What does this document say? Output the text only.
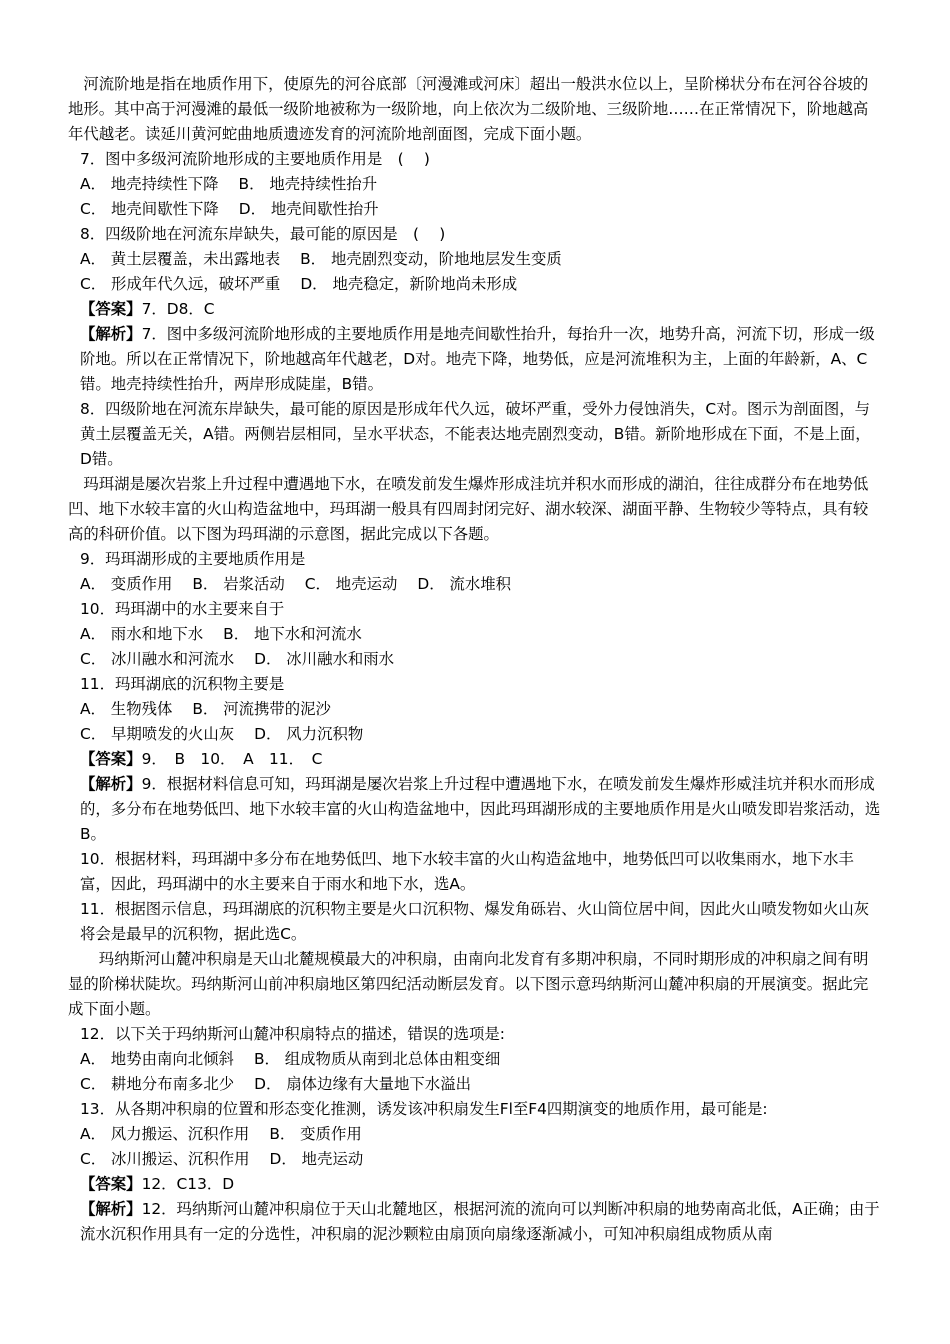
河流阶地是指在地质作用下，使原先的河谷底部〔河漫滩或河床〕超出一般洪水位以上，呈阶梯状分布在河谷谷坡的地形。其中高于河漫滩的最低一级阶地被称为一级阶地，向上依次为二级阶地、三级阶地……在正常情况下，阶地越高年代越老。读延川黄河蛇曲地质遗迹发育的河流阶地剖面图，完成下面小题。

7．图中多级河流阶地形成的主要地质作用是　(　 )

A． 地壳持续性下降 B． 地壳持续性抬升

C． 地壳间歇性下降 D． 地壳间歇性抬升

8．四级阶地在河流东岸缺失，最可能的原因是　(　 )

A． 黄土层覆盖，未出露地表 B． 地壳剧烈变动，阶地地层发生变质

C． 形成年代久远，破坏严重 D． 地壳稳定，新阶地尚未形成

【答案】7．D8．C

【解析】7．图中多级河流阶地形成的主要地质作用是地壳间歇性抬升，每抬升一次，地势升高，河流下切，形成一级阶地。所以在正常情况下，阶地越高年代越老，D对。地壳下降，地势低，应是河流堆积为主，上面的年龄新，A、C错。地壳持续性抬升，两岸形成陡崖，B错。

8．四级阶地在河流东岸缺失，最可能的原因是形成年代久远，破坏严重，受外力侵蚀消失，C对。图示为剖面图，与黄土层覆盖无关，A错。两侧岩层相同，呈水平状态，不能表达地壳剧烈变动，B错。新阶地形成在下面，不是上面，D错。

玛珥湖是屡次岩浆上升过程中遭遇地下水，在喷发前发生爆炸形成洼坑并积水而形成的湖泊，往往成群分布在地势低凹、地下水较丰富的火山构造盆地中，玛珥湖一般具有四周封闭完好、湖水较深、湖面平静、生物较少等特点，具有较高的科研价值。以下图为玛珥湖的示意图，据此完成以下各题。

9．玛珥湖形成的主要地质作用是

A． 变质作用 B． 岩浆活动 C． 地壳运动 D． 流水堆积

10．玛珥湖中的水主要来自于

A． 雨水和地下水 B． 地下水和河流水

C． 冰川融水和河流水 D． 冰川融水和雨水

11．玛珥湖底的沉积物主要是

A． 生物残体 B． 河流携带的泥沙

C． 早期喷发的火山灰 D． 风力沉积物

【答案】9．　B　10．　A　11．　C

【解析】9．根据材料信息可知，玛珥湖是屡次岩浆上升过程中遭遇地下水，在喷发前发生爆炸形威洼坑并积水而形成的，多分布在地势低凹、地下水较丰富的火山构造盆地中，因此玛珥湖形成的主要地质作用是火山喷发即岩浆活动，选B。

10．根据材料，玛珥湖中多分布在地势低凹、地下水较丰富的火山构造盆地中，地势低凹可以收集雨水，地下水丰富，因此，玛珥湖中的水主要来自于雨水和地下水，选A。

11．根据图示信息，玛珥湖底的沉积物主要是火口沉积物、爆发角砾岩、火山筒位居中间，因此火山喷发物如火山灰将会是最早的沉积物，据此选C。

玛纳斯河山麓冲积扇是天山北麓规模最大的冲积扇，由南向北发育有多期冲积扇，不同时期形成的冲积扇之间有明显的阶梯状陡坎。玛纳斯河山前冲积扇地区第四纪活动断层发育。以下图示意玛纳斯河山麓冲积扇的开展演变。据此完成下面小题。

12．以下关于玛纳斯河山麓冲积扇特点的描述，错误的选项是:

A． 地势由南向北倾斜 B． 组成物质从南到北总体由粗变细

C． 耕地分布南多北少 D． 扇体边缘有大量地下水溢出

13．从各期冲积扇的位置和形态变化推测，诱发该冲积扇发生Fl至F4四期演变的地质作用，最可能是:

A． 风力搬运、沉积作用 B． 变质作用

C． 冰川搬运、沉积作用 D． 地壳运动

【答案】12．C13．D

【解析】12．玛纳斯河山麓冲积扇位于天山北麓地区，根据河流的流向可以判断冲积扇的地势南高北低，A正确；由于流水沉积作用具有一定的分选性，冲积扇的泥沙颗粒由扇顶向扇缘逐渐减小，可知冲积扇组成物质从南
